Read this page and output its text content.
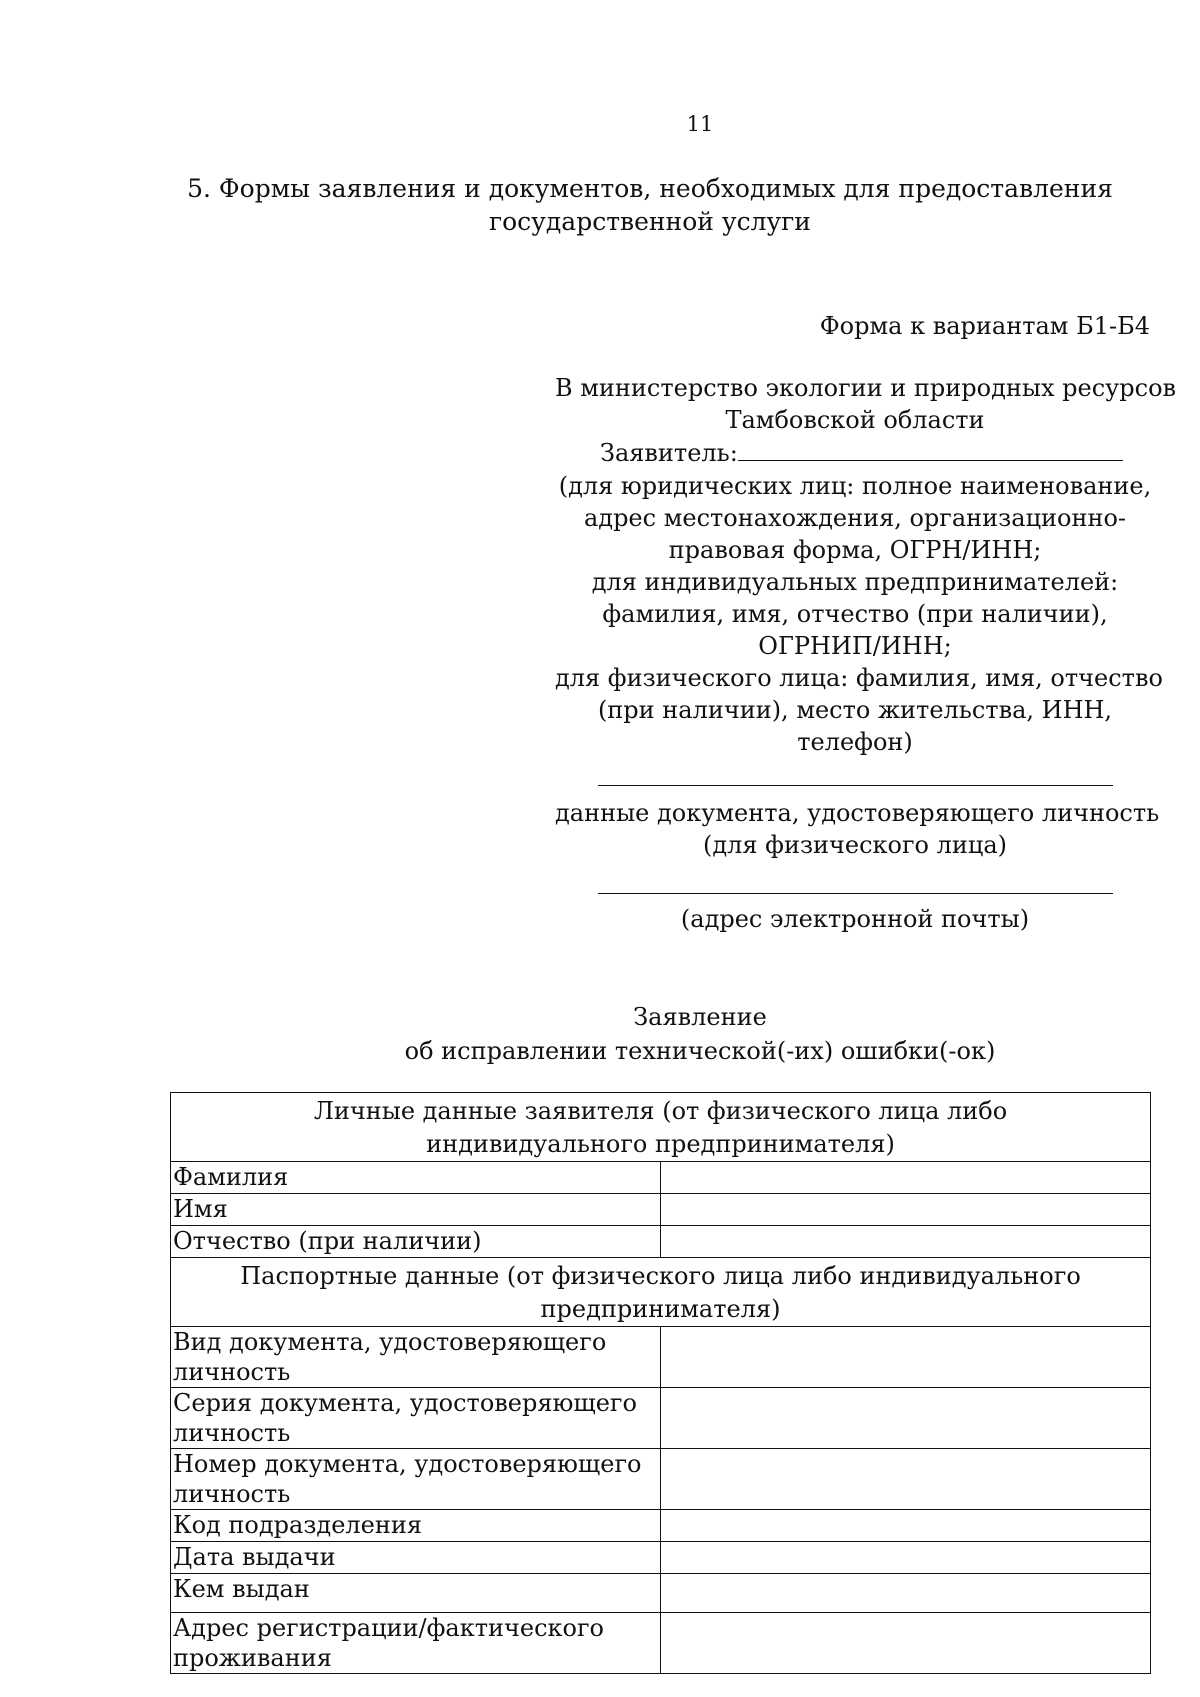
11
5. Формы заявления и документов, необходимых для предоставления
государственной услуги
Форма к вариантам Б1-Б4
В министерство экологии и природных ресурсов
Тамбовской области
Заявитель:
(для юридических лиц: полное наименование,
адрес местонахождения, организационно-
правовая форма, ОГРН/ИНН;
для индивидуальных предпринимателей:
фамилия, имя, отчество (при наличии),
ОГРНИП/ИНН;
для физического лица: фамилия, имя, отчество
(при наличии), место жительства, ИНН,
телефон)
данные документа, удостоверяющего личность
(для физического лица)
(адрес электронной почты)
Заявление
об исправлении технической(-их) ошибки(-ок)
Личные данные заявителя (от физического лица либо индивидуального предпринимателя)	
Фамилия	
Имя	
Отчество (при наличии)	
Паспортные данные (от физического лица либо индивидуального предпринимателя)	
Вид документа, удостоверяющего личность	
Серия документа, удостоверяющего личность	
Номер документа, удостоверяющего личность	
Код подразделения	
Дата выдачи	
Кем выдан	
Адрес регистрации/фактического проживания	
